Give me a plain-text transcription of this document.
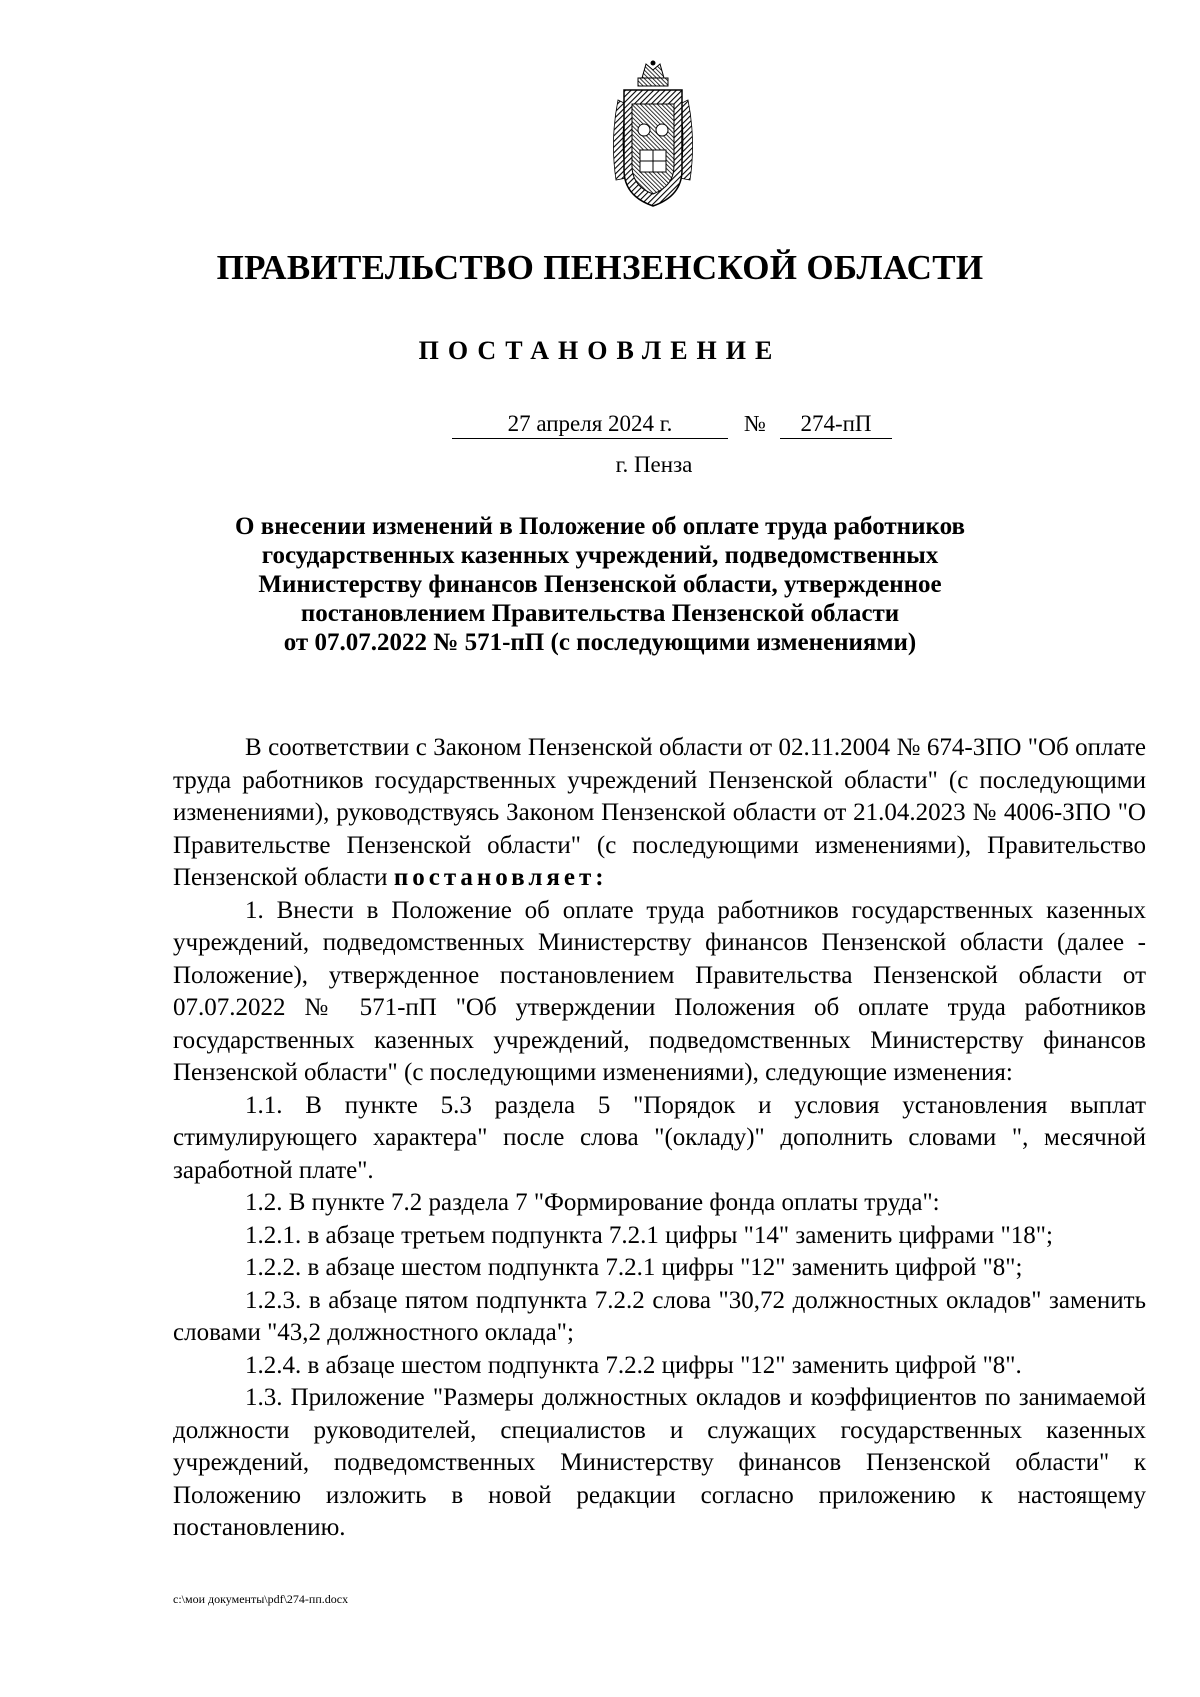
ПРАВИТЕЛЬСТВО ПЕНЗЕНСКОЙ ОБЛАСТИ
ПОСТАНОВЛЕНИЕ
27 апреля 2024 г.	№	274-пП
г. Пенза
О внесении изменений в Положение об оплате труда работников
государственных казенных учреждений, подведомственных
Министерству финансов Пензенской области, утвержденное
постановлением Правительства Пензенской области
от 07.07.2022 № 571-пП (с последующими изменениями)

В соответствии с Законом Пензенской области от 02.11.2004 № 674-ЗПО "Об оплате труда работников государственных учреждений Пензенской области" (с последующими изменениями), руководствуясь Законом Пензенской области от 21.04.2023 № 4006-ЗПО "О Правительстве Пензенской области" (с последующими изменениями), Правительство Пензенской области постановляет:

1. Внести в Положение об оплате труда работников государственных казенных учреждений, подведомственных Министерству финансов Пензенской области (далее - Положение), утвержденное постановлением Правительства Пензенской области от 07.07.2022 № 571-пП "Об утверждении Положения об оплате труда работников государственных казенных учреждений, подведомственных Министерству финансов Пензенской области" (с последующими изменениями), следующие изменения:

1.1. В пункте 5.3 раздела 5 "Порядок и условия установления выплат стимулирующего характера" после слова "(окладу)" дополнить словами ", месячной заработной плате".

1.2. В пункте 7.2 раздела 7 "Формирование фонда оплаты труда":

1.2.1. в абзаце третьем подпункта 7.2.1 цифры "14" заменить цифрами "18";

1.2.2. в абзаце шестом подпункта 7.2.1 цифры "12" заменить цифрой "8";

1.2.3. в абзаце пятом подпункта 7.2.2 слова "30,72 должностных окладов" заменить словами "43,2 должностного оклада";

1.2.4. в абзаце шестом подпункта 7.2.2 цифры "12" заменить цифрой "8".

1.3. Приложение "Размеры должностных окладов и коэффициентов по занимаемой должности руководителей, специалистов и служащих государственных казенных учреждений, подведомственных Министерству финансов Пензенской области" к Положению изложить в новой редакции согласно приложению к настоящему постановлению.

c:\мои документы\pdf\274-пп.docx
